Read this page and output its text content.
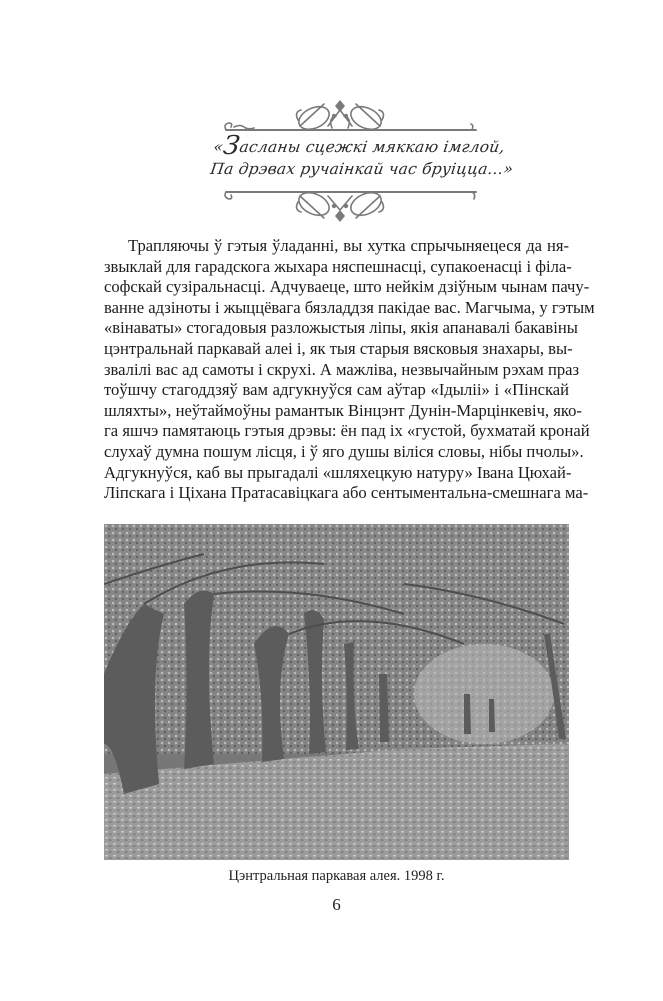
«Засланы сцежкі мяккаю імглой,
Па дрэвах ручаінкай час бруіцца…»
Трапляючы ў гэтыя ўладанні, вы хутка спрычыняецеся да ня-
звыклай для гарадскога жыхара няспешнасці, супакоенасці і філа-
софскай сузіральнасці. Адчуваеце, што нейкім дзіўным чынам пачу-
ванне адзіноты і жыццёвага бязладдзя пакідае вас. Магчыма, у гэтым
«вінаваты» стогадовыя разложыстыя ліпы, якія апанавалі бакавіны
цэнтральнай паркавай алеі і, як тыя старыя вясковыя знахары, вы-
звалілі вас ад самоты і скрухі. А мажліва, незвычайным рэхам праз
тоўшчу стагоддзяў вам адгукнуўся сам аўтар «Ідыліі» і «Пінскай
шляхты», неўтаймоўны рамантык Вінцэнт Дунін-Марцінкевіч, яко-
га яшчэ памятаюць гэтыя дрэвы: ён пад іх «густой, бухматай кронай
слухаў думна пошум лісця, і ў яго душы віліся словы, нібы пчолы».
Адгукнуўся, каб вы прыгадалі «шляхецкую натуру» Івана Цюхай-
Ліпскага і Ціхана Пратасавіцкага або сентыментальна-смешнага ма-
Цэнтральная паркавая алея. 1998 г.
6
